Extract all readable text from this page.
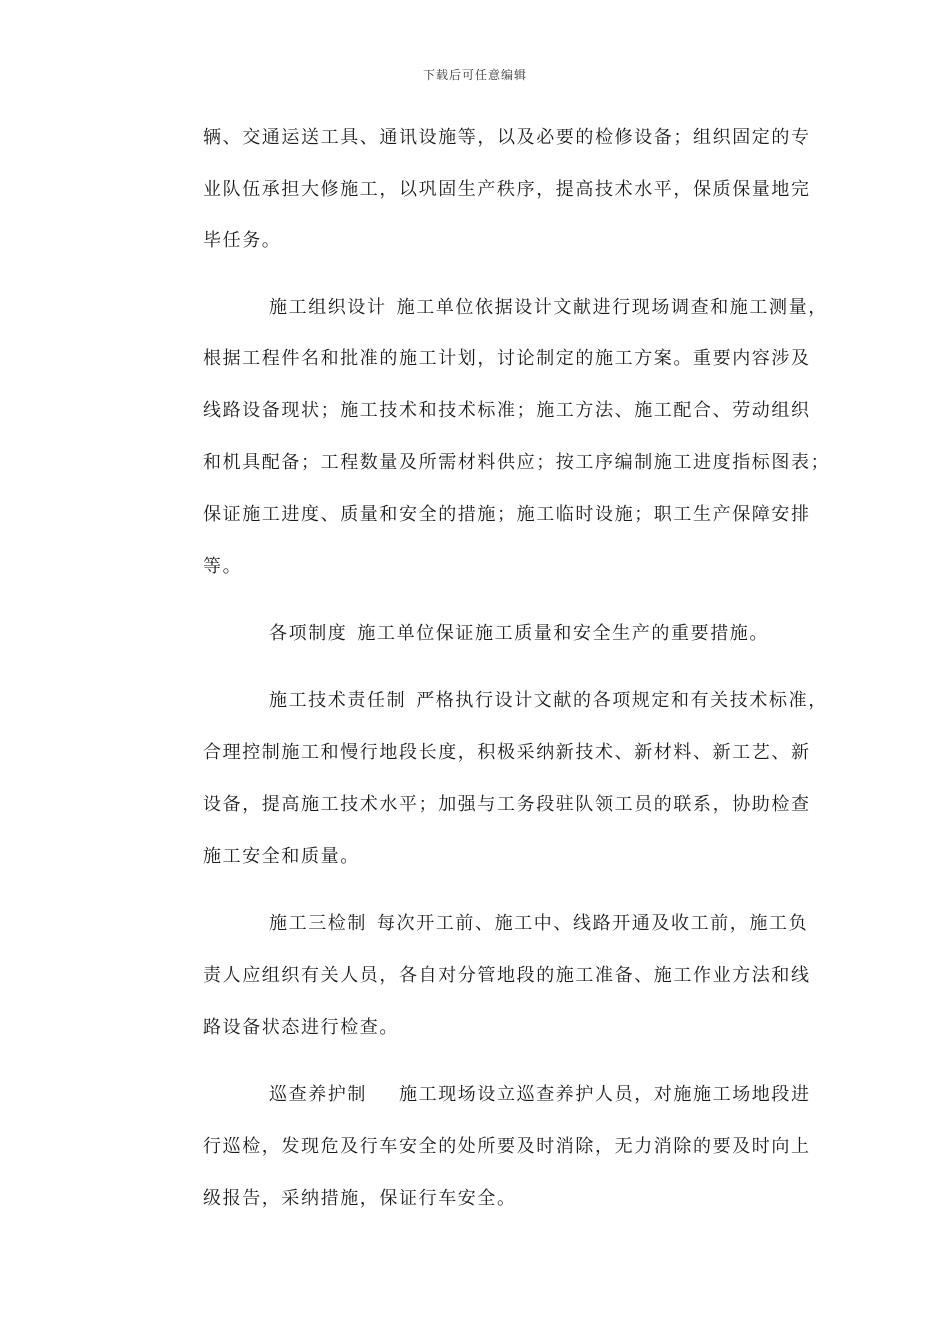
下载后可任意编辑
辆、交通运送工具、通讯设施等，以及必要的检修设备；组织固定的专
业队伍承担大修施工，以巩固生产秩序，提高技术水平，保质保量地完
毕任务。
施工组织设计 施工单位依据设计文献进行现场调查和施工测量，
根据工程件名和批准的施工计划，讨论制定的施工方案。重要内容涉及
线路设备现状；施工技术和技术标准；施工方法、施工配合、劳动组织
和机具配备；工程数量及所需材料供应；按工序编制施工进度指标图表；
保证施工进度、质量和安全的措施；施工临时设施；职工生产保障安排
等。
各项制度 施工单位保证施工质量和安全生产的重要措施。
施工技术责任制 严格执行设计文献的各项规定和有关技术标准，
合理控制施工和慢行地段长度，积极采纳新技术、新材料、新工艺、新
设备，提高施工技术水平；加强与工务段驻队领工员的联系，协助检查
施工安全和质量。
施工三检制 每次开工前、施工中、线路开通及收工前，施工负
责人应组织有关人员，各自对分管地段的施工准备、施工作业方法和线
路设备状态进行检查。
巡查养护制 施工现场设立巡查养护人员，对施施工场地段进
行巡检，发现危及行车安全的处所要及时消除，无力消除的要及时向上
级报告，采纳措施，保证行车安全。
